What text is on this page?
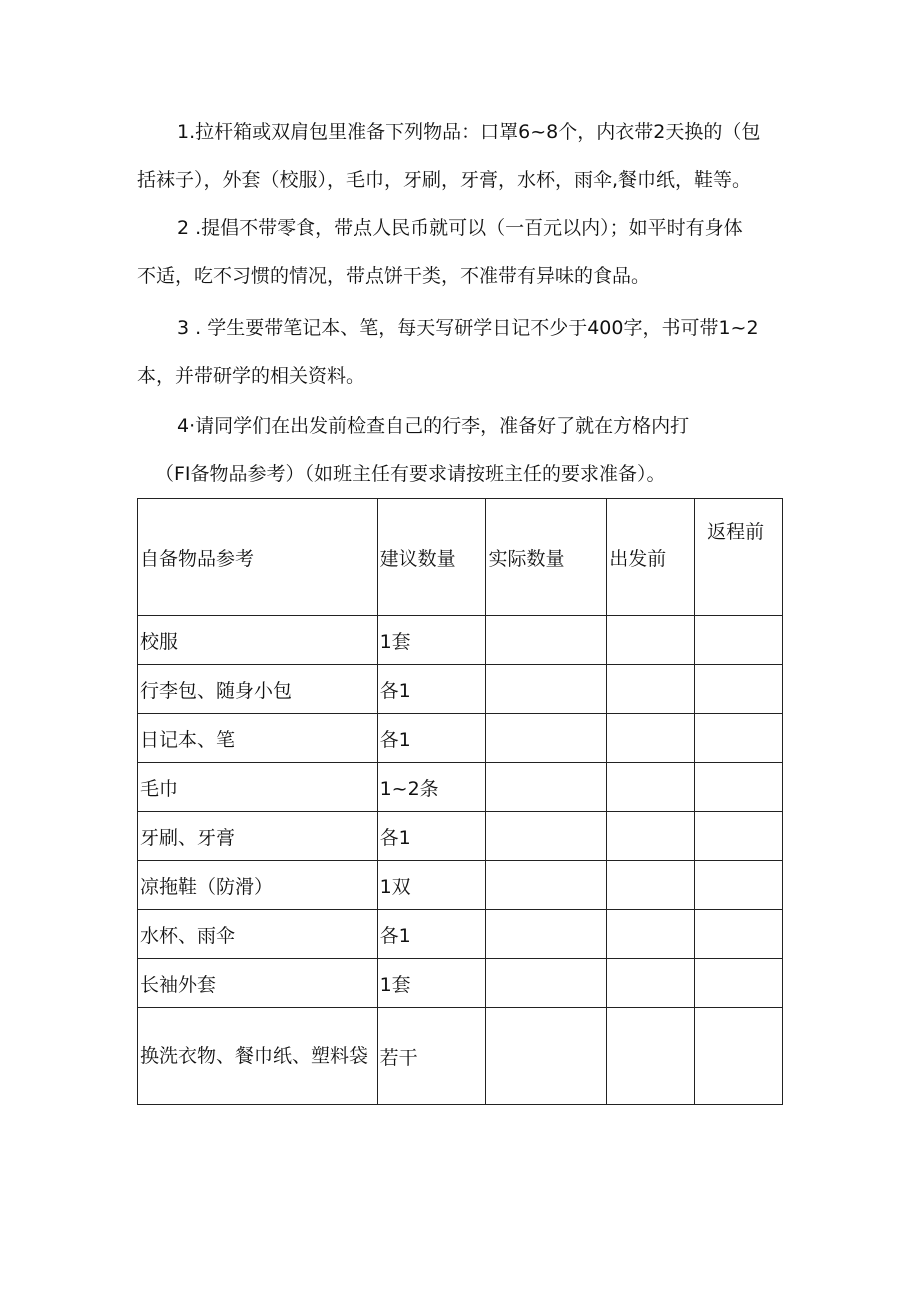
1.拉杆箱或双肩包里准备下列物品：口罩6~8个，内衣带2天换的（包
括袜子），外套（校服），毛巾，牙刷，牙膏，水杯，雨伞,餐巾纸，鞋等。
2 .提倡不带零食，带点人民币就可以（一百元以内）；如平时有身体
不适，吃不习惯的情况，带点饼干类，不准带有异味的食品。
3 . 学生要带笔记本、笔，每天写研学日记不少于400字，书可带1~2
本，并带研学的相关资料。
4·请同学们在出发前检查自己的行李，准备好了就在方格内打
（FI备物品参考）（如班主任有要求请按班主任的要求准备）。
自备物品参考	建议数量	实际数量	出发前	返程前
校服	1套			
行李包、随身小包	各1			
日记本、笔	各1			
毛巾	1~2条			
牙刷、牙膏	各1			
凉拖鞋（防滑）	1双			
水杯、雨伞	各1			
长袖外套	1套			
换洗衣物、餐巾纸、塑料袋	若干			
